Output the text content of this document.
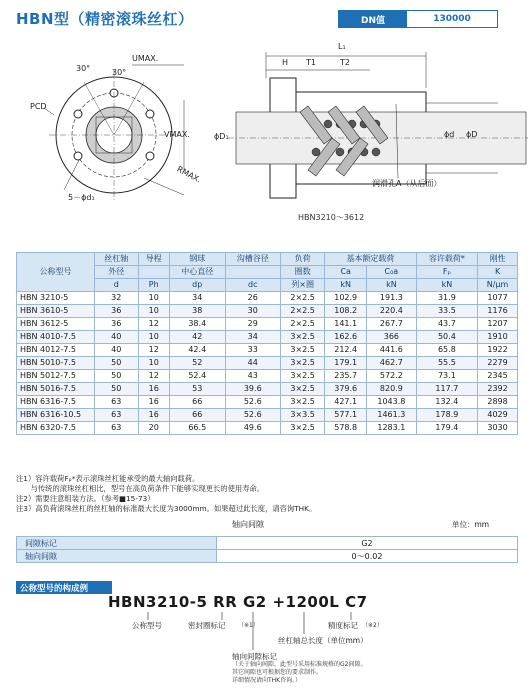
HBN型（精密滚珠丝杠）	DN值	130000
30°	30°
UMAX.
PCD
VMAX.
RMAX.
5－ϕd₁
L₁
H T1	T2
ϕD₁	ϕd ϕD
润滑孔A（从后面）
HBN3210～3612
公称型号	丝杠轴	导程	钢球	沟槽谷径	负荷	基本额定载荷		容许载荷*	刚性
	外径		中心直径		圈数	Ca	C₀a	Fₚ	K
	d	Ph	dp	dc	列×圈	kN	kN	kN	N/μm
HBN 3210-5	32	10	34	26	2×2.5	102.9	191.3	31.9	1077
HBN 3610-5	36	10	38	30	2×2.5	108.2	220.4	33.5	1176
HBN 3612-5	36	12	38.4	29	2×2.5	141.1	267.7	43.7	1207
HBN 4010-7.5	40	10	42	34	3×2.5	162.6	366	50.4	1910
HBN 4012-7.5	40	12	42.4	33	3×2.5	212.4	441.6	65.8	1922
HBN 5010-7.5	50	10	52	44	3×2.5	179.1	462.7	55.5	2279
HBN 5012-7.5	50	12	52.4	43	3×2.5	235.7	572.2	73.1	2345
HBN 5016-7.5	50	16	53	39.6	3×2.5	379.6	820.9	117.7	2392
HBN 6316-7.5	63	16	66	52.6	3×2.5	427.1	1043.8	132.4	2898
HBN 6316-10.5	63	16	66	52.6	3×3.5	577.1	1461.3	178.9	4029
HBN 6320-7.5	63	20	66.5	49.6	3×2.5	578.8	1283.1	179.4	3030
注1）容许载荷Fₚ*表示滚珠丝杠能承受的最大轴向载荷。
　　与传统的滚珠丝杠相比，型号在高负荷条件下能够实现更长的使用寿命。
注2）需要注意组装方法。（参考■15-73）
注3）高负荷滚珠丝杠的丝杠轴的标准最大长度为3000mm。如果超过此长度，请咨询THK。
轴向间隙	单位：mm
间隙标记	G2
轴向间隙	0～0.02
公称型号的构成例
HBN3210-5 RR G2 +1200L C7
公称型号	密封圈标记 （※1）	精度标记 （※2）
丝杠轴总长度（单位mm）
轴向间隙标记
（关于轴向间隙，此型号采用标准规格的G2间隙。
其它间隙也可根据您的要求制作。
详细情况请向THK咨询。）
